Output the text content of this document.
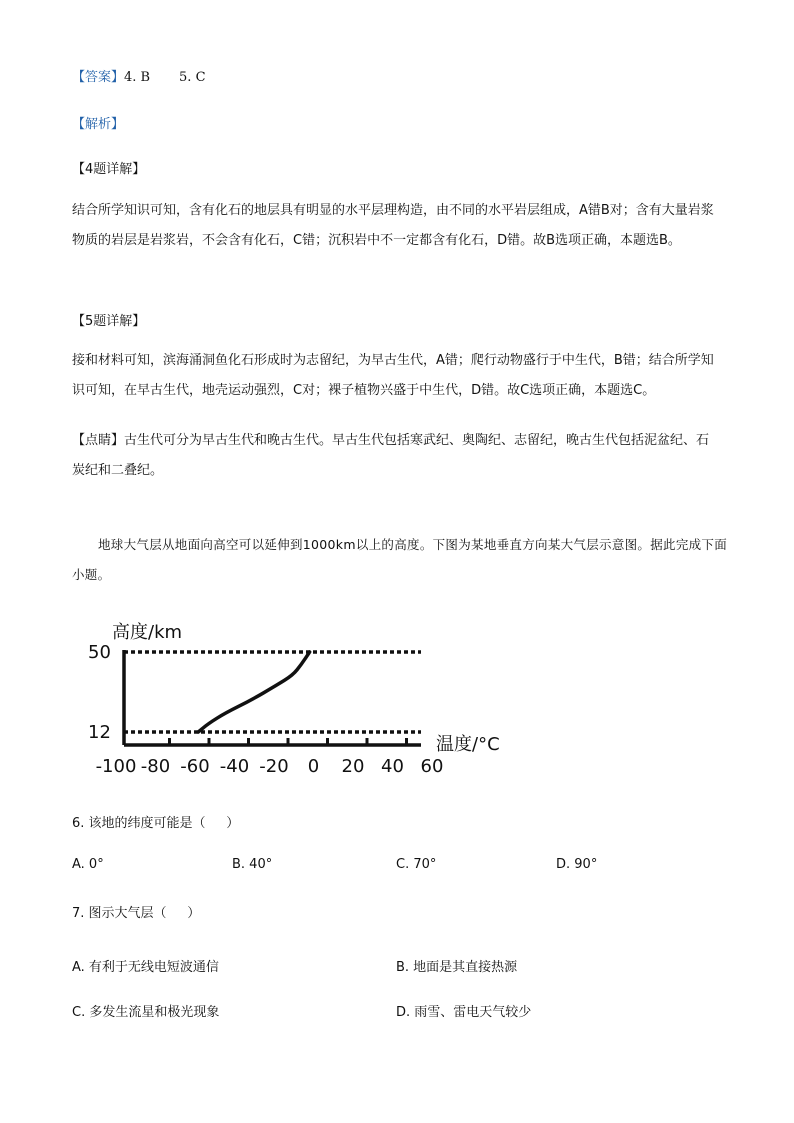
【答案】4. B       5. C
【解析】
【4题详解】
结合所学知识可知，含有化石的地层具有明显的水平层理构造，由不同的水平岩层组成，A错B对；含有大量岩浆物质的岩层是岩浆岩，不会含有化石，C错；沉积岩中不一定都含有化石，D错。故B选项正确，本题选B。
【5题详解】
接和材料可知，滨海涌洞鱼化石形成时为志留纪，为早古生代，A错；爬行动物盛行于中生代，B错；结合所学知识可知，在早古生代，地壳运动强烈，C对；裸子植物兴盛于中生代，D错。故C选项正确，本题选C。
【点睛】古生代可分为早古生代和晚古生代。早古生代包括寒武纪、奥陶纪、志留纪，晚古生代包括泥盆纪、石炭纪和二叠纪。
地球大气层从地面向高空可以延伸到1000km以上的高度。下图为某地垂直方向某大气层示意图。据此完成下面小题。
高度/km
温度/°C
12
50
-100 -80 -60 -40 -20 0 20 40 60
6. 该地的纬度可能是（     ）
A. 0°	B. 40°	C. 70°	D. 90°
7. 图示大气层（     ）
A. 有利于无线电短波通信	B. 地面是其直接热源
C. 多发生流星和极光现象	D. 雨雪、雷电天气较少
